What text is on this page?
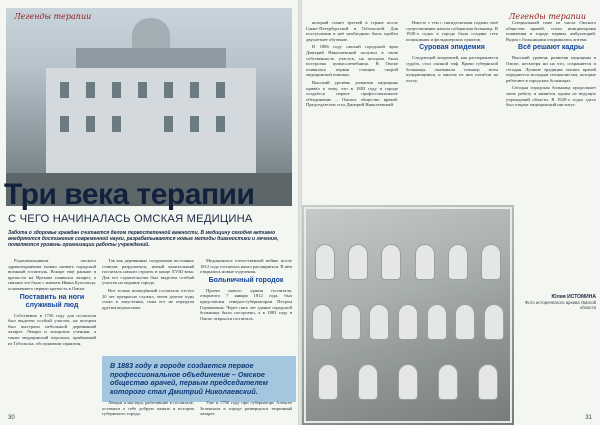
Легенды терапии
Три века терапии
С ЧЕГО НАЧИНАЛАСЬ ОМСКАЯ МЕДИЦИНА
Забота о здоровье граждан считается делом первостепенной важности. В медицину сегодня активно внедряются достижения современной науки, разрабатываются новые методы диагностики и лечения, появляется уровень организации работы учреждений.

Родоначальником омского здравоохранения можно назвать городской военный госпиталь. Вскоре ещё раньше в крепости на Иртыше появился лазарет, а связано это было с именем Ивана Бухгольца, основавшего первую крепость в Омске.

Поставить на ноги служивый люд

Собственно в 1726 году для госпиталя был выделен особый участок, на котором был выстроен небольшой деревянный лазарет. Лекари и лекарские ученики, а также медицинский персонал, прибывший из Тобольска, обслуживали гарнизон.

Так как деревянные сооружения постоянно ставили разрушаться, новый капитальный госпиталь начали строить в конце XVIII века. Для его строительства был выделен особый участок на окраине города.

Вот только возведённый госпиталь отступ 20 лет прекрасно служил, затем долгие годы стоял в запустении, пока его не передали другим ведомствам.

Медицинское отечественной войны после 1812 года госпиталь начал расширяться. В нём открылись новые отделения.

Больничный городок

Проект нового здания госпиталя, открытого 7 января 1812 года, был представлен генерал-губернатором Петром Горчаковым. Через пять лет здание городской больницы было построено, а в 1883 году в Омске открылся госпиталь.

В 1883 году в городе создается первое профессиональное объединение – Омское общество врачей, первым председателем которого стал Дмитрий Николаевский.

Лекари и мастера, работавшие в госпитале, оставили о себе добрую память в истории губернского города.

Уже в 1790 году при губернаторе Алексее Зеленском в городе развернулся тюремный лазарет.

30
Легенды терапии

который станет третьей в стране после Санкт-Петербургской и Тобольской. Для поступления в неё необходимо было пройти двухлетнее обучение.

В 1886 году омский городской врач Дмитрий Николаевский получил в свою собственность участок, на котором была построена кумысолечебница. В Омске появилась первая станция скорой медицинской помощи.

Высокий уровень развития медицины привёл к тому, что в 1883 году в городе создаётся первое профессиональное объединение – Омское общество врачей. Председателем стал Дмитрий Николаевский.

Вместе с тем с пятидесятыми годами своё существование начала губернская больница. В 1920-х годах в городе была создана сеть поликлиник и фельдшерских пунктов.

Суровая эпидемия

Следующей эпидемией, как распоряжается судьба, стал сыпной тиф. Врачи губернской больницы оказывали помощь всем нуждающимся, и многие из них погибли на посту.

Специальный тоже из числа Омского общества врачей, стали инициаторами появления в городе первых амбулаторий. Рядом с больницами открывались аптеки.

Всё решают кадры

Высокий уровень развития медицины в Омске, несмотря ни на что, сохраняется и сегодня. Лучшие традиции омских врачей передаются молодым специалистам, которые работают в городских больницах.

Сегодня городская больница продолжает свою работу и является одним из ведущих учреждений области. В 1920-х годах здесь был открыт медицинский институт.

Юлия ИСТОМИНА
Фото исторического архива Омской области
31
